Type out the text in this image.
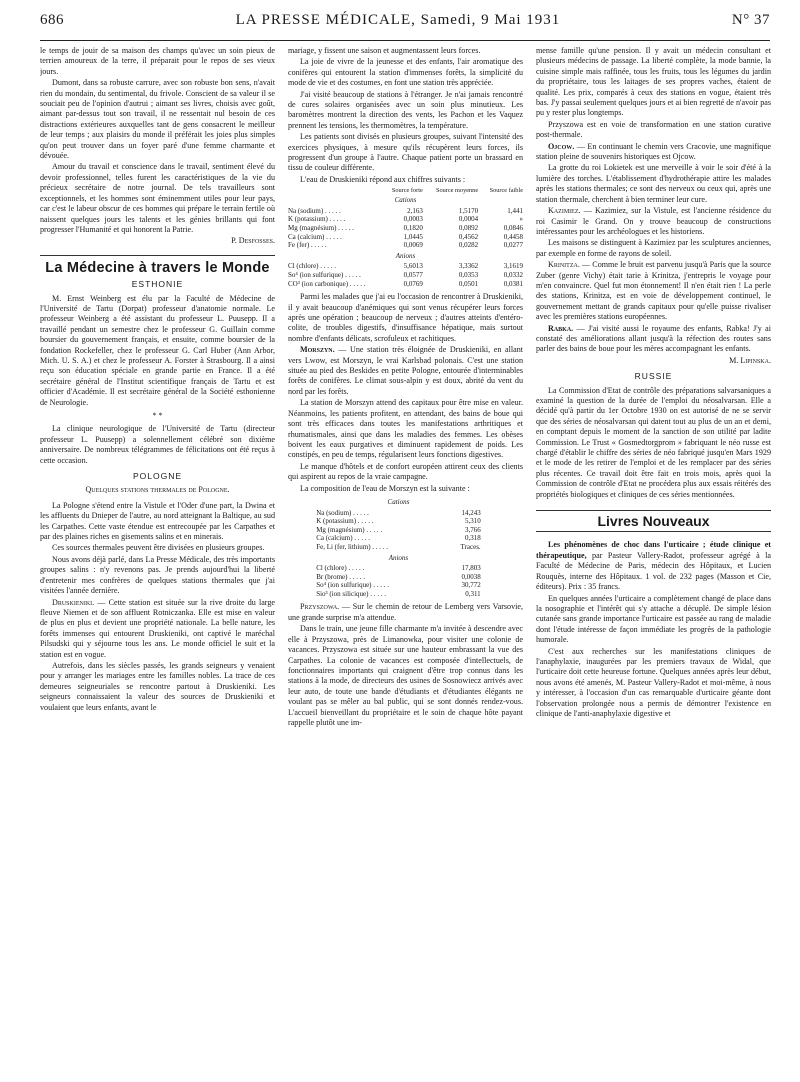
686	LA PRESSE MÉDICALE, Samedi, 9 Mai 1931	N° 37

le temps de jouir de sa maison des champs qu'avec un soin pieux de terrien amoureux de la terre, il préparait pour le repos de ses vieux jours.

Dumont, dans sa robuste carrure, avec son robuste bon sens, n'avait rien du mondain, du sentimental, du frivole. Conscient de sa valeur il se souciait peu de l'opinion d'autrui ; aimant ses livres, choisis avec goût, aimant par-dessus tout son travail, il ne ressentait nul besoin de ces distractions extérieures auxquelles tant de gens consacrent le meilleur de leur temps ; aux plaisirs du monde il préférait les joies plus simples qu'on peut trouver dans un foyer paré d'une femme charmante et dévouée.

Amour du travail et conscience dans le travail, sentiment élevé du devoir professionnel, telles furent les caractéristiques de la vie du précieux secrétaire de notre journal. De tels travailleurs sont exceptionnels, et les hommes sont éminemment utiles pour leur pays, car c'est le labeur obscur de ces hommes qui prépare le terrain fertile où naissent quelques jours les talents et les génies brillants qui font progresser l'Humanité et qui honorent la Patrie.

P. Desfosses.

La Médecine à travers le Monde
ESTHONIE

M. Ernst Weinberg est élu par la Faculté de Médecine de l'Université de Tartu (Dorpat) professeur d'anatomie normale. Le professeur Weinberg a été assistant du professeur L. Puusepp. Il a travaillé pendant un semestre chez le professeur G. Guillain comme boursier du gouvernement français, et ensuite, comme boursier de la fondation Rockefeller, chez le professeur G. Carl Huber (Ann Arbor, Mich. U. S. A.) et chez le professeur A. Forster à Strasbourg. Il a ainsi reçu son éducation spéciale en grande partie en France. Il a été secrétaire général de l'Institut scientifique français de Tartu et est officier d'Académie. Il est secrétaire général de la Société esthonienne de Neurologie.

* *

La clinique neurologique de l'Université de Tartu (directeur professeur L. Puusepp) a solennellement célébré son dixième anniversaire. De nombreux télégrammes de félicitations ont été reçus à cette occasion.

POLOGNE
Quelques stations thermales de Pologne.

La Pologne s'étend entre la Vistule et l'Oder d'une part, la Dwina et les affluents du Dnieper de l'autre, au nord atteignant la Baltique, au sud les Carpathes. Cette vaste étendue est entrecoupée par les Carpathes et par des plaines riches en gisements salins et en minerais.

Ces sources thermales peuvent être divisées en plusieurs groupes.

Nous avons déjà parlé, dans La Presse Médicale, des très importants groupes salins : n'y revenons pas. Je prends aujourd'hui la liberté d'entretenir mes confrères de quelques stations thermales que j'ai visitées l'année dernière.

Druskieniki. — Cette station est située sur la rive droite du large fleuve Niemen et de son affluent Rotniczanka. Elle est mise en valeur de plus en plus et devient une propriété nationale. La belle nature, les forêts immenses qui entourent Druskieniki, ont captivé le maréchal Pilsudski qui y séjourne tous les ans. Le monde officiel le suit et la station est en vogue.

Autrefois, dans les siècles passés, les grands seigneurs y venaient pour y arranger les mariages entre les familles nobles. La trace de ces demeures seigneuriales se rencontre partout à Druskieniki. Les seigneurs connaissaient la valeur des sources de Druskieniki et voulaient que leurs enfants, avant le

mariage, y fissent une saison et augmentassent leurs forces.

La joie de vivre de la jeunesse et des enfants, l'air aromatique des conifères qui entourent la station d'immenses forêts, la simplicité du mode de vie et des costumes, en font une station très appréciée.

J'ai visité beaucoup de stations à l'étranger. Je n'ai jamais rencontré de cures solaires organisées avec un soin plus minutieux. Les baromètres montrent la direction des vents, les Pachon et les Vaquez prennent les tensions, les thermomètres, la température.

Les patients sont divisés en plusieurs groupes, suivant l'intensité des exercices physiques, à mesure qu'ils récupèrent leurs forces, ils progressent d'un groupe à l'autre. Chaque patient porte un brassard en tissu de couleur différente.

L'eau de Druskieniki répond aux chiffres suivants :

	Source forte	Source moyenne	Source faible
Cations			
Na (sodium) . . . . .	2,163	1,5170	1,441
K (potassium) . . . . .	0,0003	0,0004	»
Mg (magnésium) . . . . .	0,1820	0,0892	0,0846
Ca (calcium) . . . . .	1,0445	0,4562	0,4458
Fe (fer) . . . . .	0,0069	0,0282	0,0277
Anions			
Cl (chlore) . . . . .	5,6013	3,3362	3,1619
So⁴ (ion sulfurique) . . . . .	0,0577	0,0353	0,0332
CO³ (ion carbonique) . . . . .	0,0769	0,0501	0,0381

Parmi les malades que j'ai eu l'occasion de rencontrer à Druskieniki, il y avait beaucoup d'anémiques qui sont venus récupérer leurs forces après une opération ; beaucoup de nerveux ; d'autres atteints d'entéro-colite, de troubles digestifs, d'insuffisance hépatique, mais surtout nombre d'enfants délicats, scrofuleux et rachitiques.

Morszyn. — Une station très éloignée de Druskieniki, en allant vers Lwow, est Morszyn, le vrai Karlsbad polonais. C'est une station située au pied des Beskides en petite Pologne, entourée d'interminables forêts de conifères. Le climat sous-alpin y est doux, abrité du vent du nord par les forêts.

La station de Morszyn attend des capitaux pour être mise en valeur. Néanmoins, les patients profitent, en attendant, des bains de boue qui sont très efficaces dans toutes les manifestations arthritiques et rhumatismales, ainsi que dans les maladies des femmes. Les obèses boivent les eaux purgatives et diminuent rapidement de poids. Les constipés, en peu de temps, régularisent leurs fonctions digestives.

Le manque d'hôtels et de confort européen attirent ceux des clients qui aspirent au repos de la vraie campagne.

La composition de l'eau de Morszyn est la suivante :

Cations	
Na (sodium) . . . . .	14,243
K (potassium) . . . . .	5,310
Mg (magnésium) . . . . .	3,766
Ca (calcium) . . . . .	0,318
Fe, Li (fer, lithium) . . . . .	Traces.
Anions	
Cl (chlore) . . . . .	17,803
Br (brome) . . . . .	0,0038
So⁴ (ion sulfurique) . . . . .	30,772
Sio³ (ion silicique) . . . . .	0,311

Przyszowa. — Sur le chemin de retour de Lemberg vers Varsovie, une grande surprise m'a attendue.

Dans le train, une jeune fille charmante m'a invitée à descendre avec elle à Przyszowa, près de Limanowka, pour visiter une colonie de vacances. Przyszowa est située sur une hauteur embrassant la vue des Carpathes. La colonie de vacances est composée d'intellectuels, de fonctionnaires importants qui craignent d'être trop connus dans les stations à la mode, de directeurs des usines de Sosnowiecz arrivés avec leur auto, de toute une bande d'étudiants et d'étudiantes élégants ne voulant pas se mêler au bal public, qui se sont donnés rendez-vous. L'accueil bienveillant du propriétaire et le soin de chaque hôte payant rappelle plutôt une im-

mense famille qu'une pension. Il y avait un médecin consultant et plusieurs médecins de passage. La liberté complète, la mode bannie, la cuisine simple mais raffinée, tous les fruits, tous les légumes du jardin du propriétaire, tous les laitages de ses propres vaches, étaient de qualité. Les prix, comparés à ceux des stations en vogue, étaient très bas. J'y passai seulement quelques jours et ai bien regretté de n'avoir pas pu y rester plus longtemps.

Przyszowa est en voie de transformation en une station curative post-thermale.

Ojcow. — En continuant le chemin vers Cracovie, une magnifique station pleine de souvenirs historiques est Ojcow.

La grotte du roi Lokietek est une merveille à voir le soir d'été à la lumière des torches. L'établissement d'hydrothérapie attire les malades après les stations thermales; ce sont des nerveux ou ceux qui, après une station thermale, cherchent à bien terminer leur cure.

Kazimiez. — Kazimiez, sur la Vistule, est l'ancienne résidence du roi Casimir le Grand. On y trouve beaucoup de constructions intéressantes pour les archéologues et les historiens.

Les maisons se distinguent à Kazimiez par les sculptures anciennes, par exemple en forme de rayons de soleil.

Krinitza. — Comme le bruit est parvenu jusqu'à Paris que la source Zuber (genre Vichy) était tarie à Krinitza, j'entrepris le voyage pour m'en convaincre. Quel fut mon étonnement! Il n'en était rien ! La perle des stations, Krinitza, est en voie de développement continuel, le gouvernement mettant de grands capitaux pour qu'elle puisse rivaliser avec les premières stations européennes.

Rabka. — J'ai visité aussi le royaume des enfants, Rabka! J'y ai constaté des améliorations allant jusqu'à la réfection des routes sans parler des bains de boue pour les mères accompagnant les enfants.

M. Lipinska.

RUSSIE

La Commission d'Etat de contrôle des préparations salvarsaniques a examiné la question de la durée de l'emploi du néosalvarsan. Elle a décidé qu'à partir du 1er Octobre 1930 on est autorisé de ne se servir que des séries de néosalvarsan qui datent tout au plus de un an et demi, en comptant depuis le moment de la sanction de son utilité par ladite Commission. Le Trust « Gosmedtorgprom » fabriquant le néo russe est chargé d'établir le chiffre des séries de néo fabriqué jusqu'en Mars 1929 et le mode de les retirer de l'emploi et de les remplacer par des séries plus récentes. Ce travail doit être fait en trois mois, après quoi la Commission de contrôle d'Etat ne procédera plus aux essais réitérés des propriétés biologiques et cliniques de ces séries mentionnées.

Livres Nouveaux

Les phénomènes de choc dans l'urticaire ; étude clinique et thérapeutique, par Pasteur Vallery-Radot, professeur agrégé à la Faculté de Médecine de Paris, médecin des Hôpitaux, et Lucien Rouquès, interne des Hôpitaux. 1 vol. de 232 pages (Masson et Cie, éditeurs). Prix : 35 francs.

En quelques années l'urticaire a complètement changé de place dans la nosographie et l'intérêt qui s'y attache a décuplé. De simple lésion cutanée sans grande importance l'urticaire est passée au rang de maladie dont l'étude intéresse de façon immédiate les progrès de la pathologie humorale.

C'est aux recherches sur les manifestations cliniques de l'anaphylaxie, inaugurées par les premiers travaux de Widal, que l'urticaire doit cette heureuse fortune. Quelques années après leur début, nous avons été amenés, M. Pasteur Vallery-Radot et moi-même, à nous y intéresser, à l'occasion d'un cas remarquable d'urticaire géante dont l'observation prolongée nous a permis de démontrer l'existence en clinique de l'anti-anaphylaxie digestive et
